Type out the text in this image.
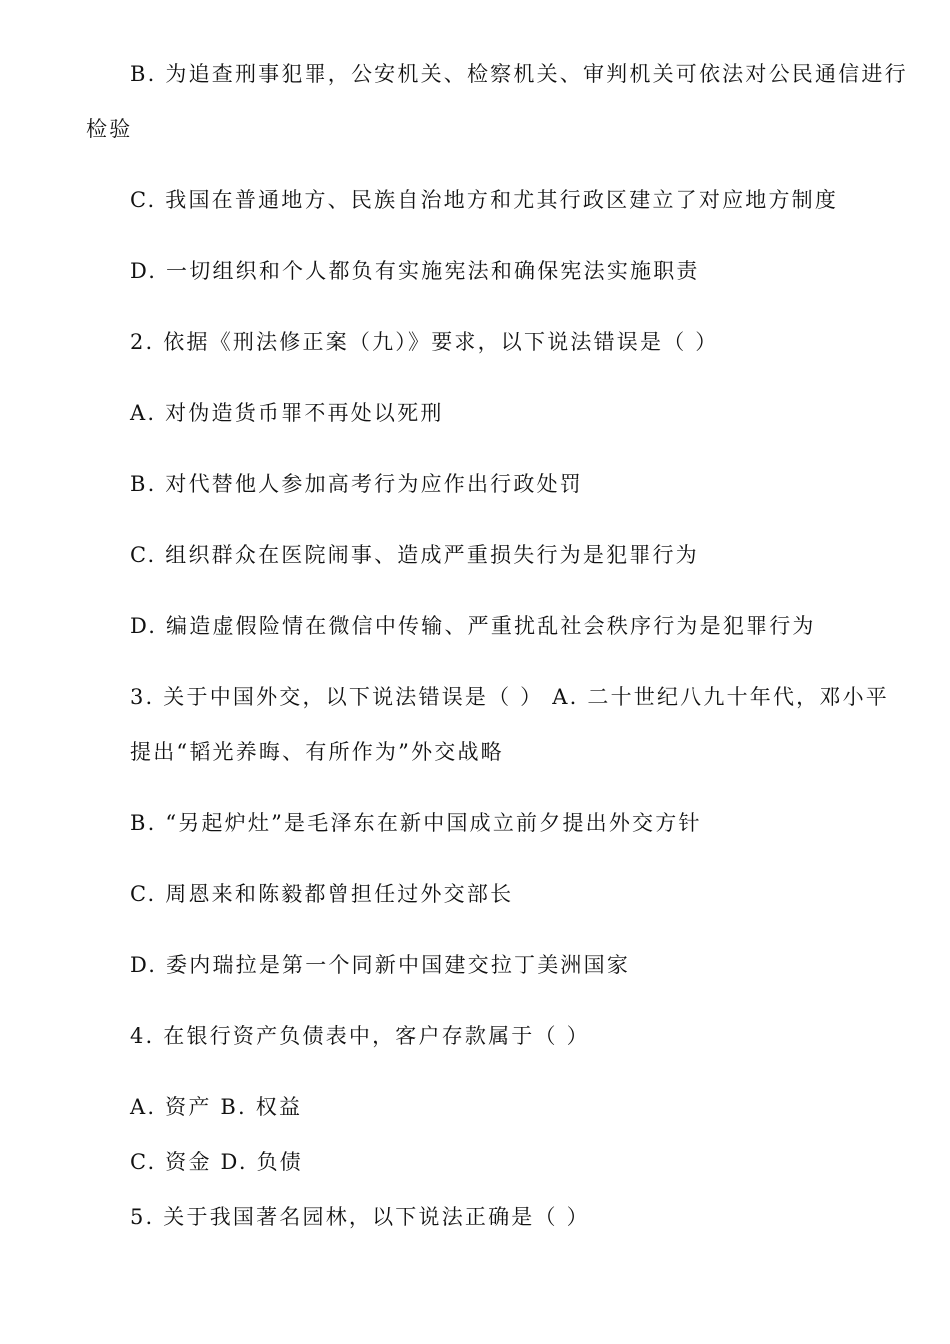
B. 为追查刑事犯罪，公安机关、检察机关、审判机关可依法对公民通信进行
检验
C. 我国在普通地方、民族自治地方和尤其行政区建立了对应地方制度
D. 一切组织和个人都负有实施宪法和确保宪法实施职责
2. 依据《刑法修正案（九）》要求，以下说法错误是（ ）
A. 对伪造货币罪不再处以死刑
B. 对代替他人参加高考行为应作出行政处罚
C. 组织群众在医院闹事、造成严重损失行为是犯罪行为
D. 编造虚假险情在微信中传输、严重扰乱社会秩序行为是犯罪行为
3. 关于中国外交，以下说法错误是（ ） A. 二十世纪八九十年代，邓小平
提出“韬光养晦、有所作为”外交战略
B. “另起炉灶”是毛泽东在新中国成立前夕提出外交方针
C. 周恩来和陈毅都曾担任过外交部长
D. 委内瑞拉是第一个同新中国建交拉丁美洲国家
4. 在银行资产负债表中，客户存款属于（ ）
A. 资产 B. 权益
C. 资金 D. 负债
5. 关于我国著名园林，以下说法正确是（ ）
